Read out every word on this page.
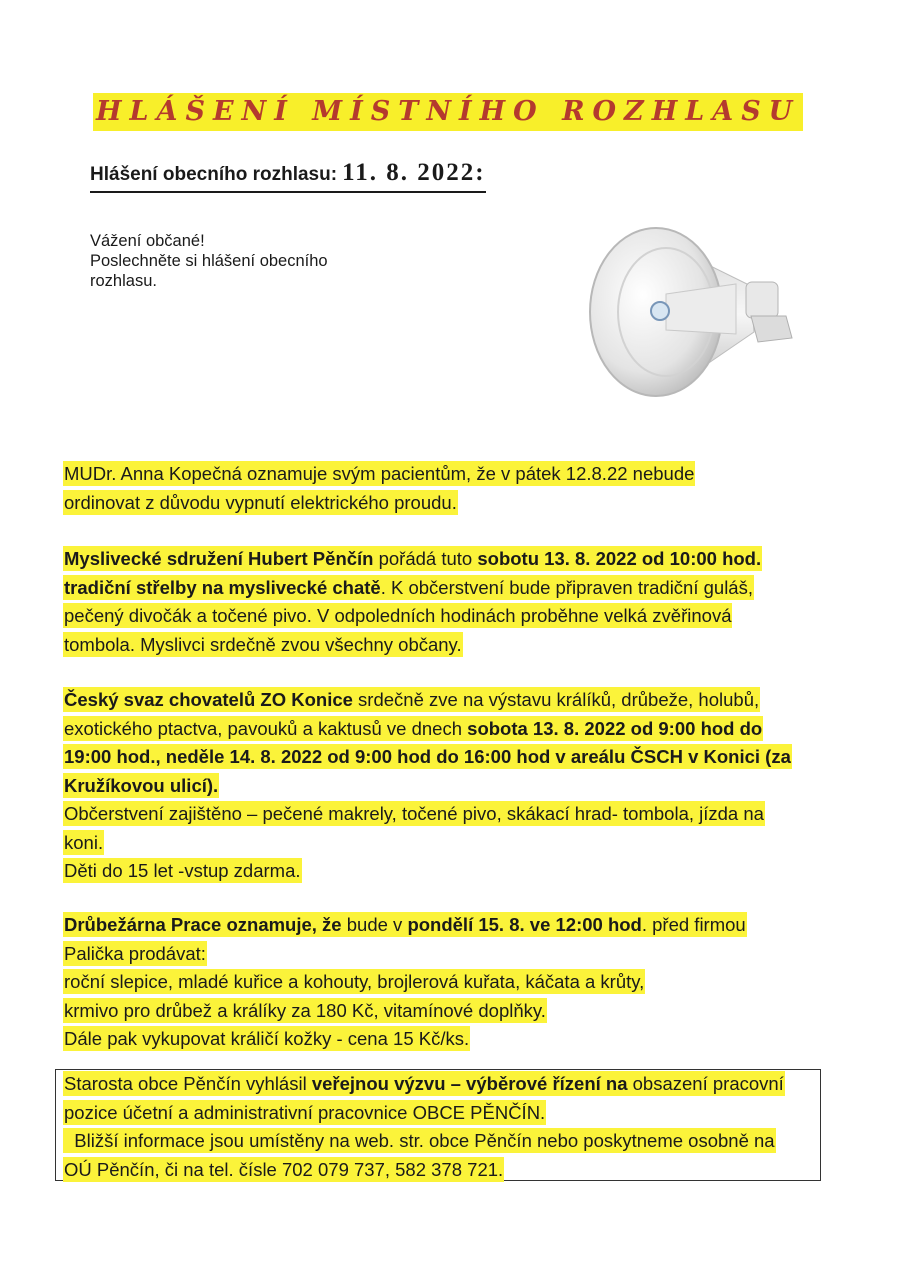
HLÁŠENÍ MÍSTNÍHO ROZHLASU
Hlášení obecního rozhlasu: 11. 8. 2022:
Vážení občané!
Poslechněte si hlášení obecního
rozhlasu.
MUDr. Anna Kopečná oznamuje svým pacientům, že v pátek 12.8.22 nebude
ordinovat z důvodu vypnutí elektrického proudu.
Myslivecké sdružení Hubert Pěnčín pořádá tuto sobotu 13. 8. 2022 od 10:00 hod.
tradiční střelby na myslivecké chatě. K občerstvení bude připraven tradiční guláš,
pečený divočák a točené pivo. V odpoledních hodinách proběhne velká zvěřinová
tombola. Myslivci srdečně zvou všechny občany.
Český svaz chovatelů ZO Konice srdečně zve na výstavu králíků, drůbeže, holubů,
exotického ptactva, pavouků a kaktusů ve dnech sobota 13. 8. 2022 od 9:00 hod do
19:00 hod., neděle 14. 8. 2022 od 9:00 hod do 16:00 hod v areálu ČSCH v Konici (za
Kružíkovou ulicí).
Občerstvení zajištěno – pečené makrely, točené pivo, skákací hrad- tombola, jízda na
koni.
Děti do 15 let -vstup zdarma.
Drůbežárna Prace oznamuje, že bude v pondělí 15. 8. ve 12:00 hod. před firmou
Palička prodávat:
roční slepice, mladé kuřice a kohouty, brojlerová kuřata, káčata a krůty,
krmivo pro drůbež a králíky za 180 Kč, vitamínové doplňky.
Dále pak vykupovat králičí kožky - cena 15 Kč/ks.
Starosta obce Pěnčín vyhlásil veřejnou výzvu – výběrové řízení na obsazení pracovní
pozice účetní a administrativní pracovnice OBCE PĚNČÍN.
Bližší informace jsou umístěny na web. str. obce Pěnčín nebo poskytneme osobně na
OÚ Pěnčín, či na tel. čísle 702 079 737, 582 378 721.
